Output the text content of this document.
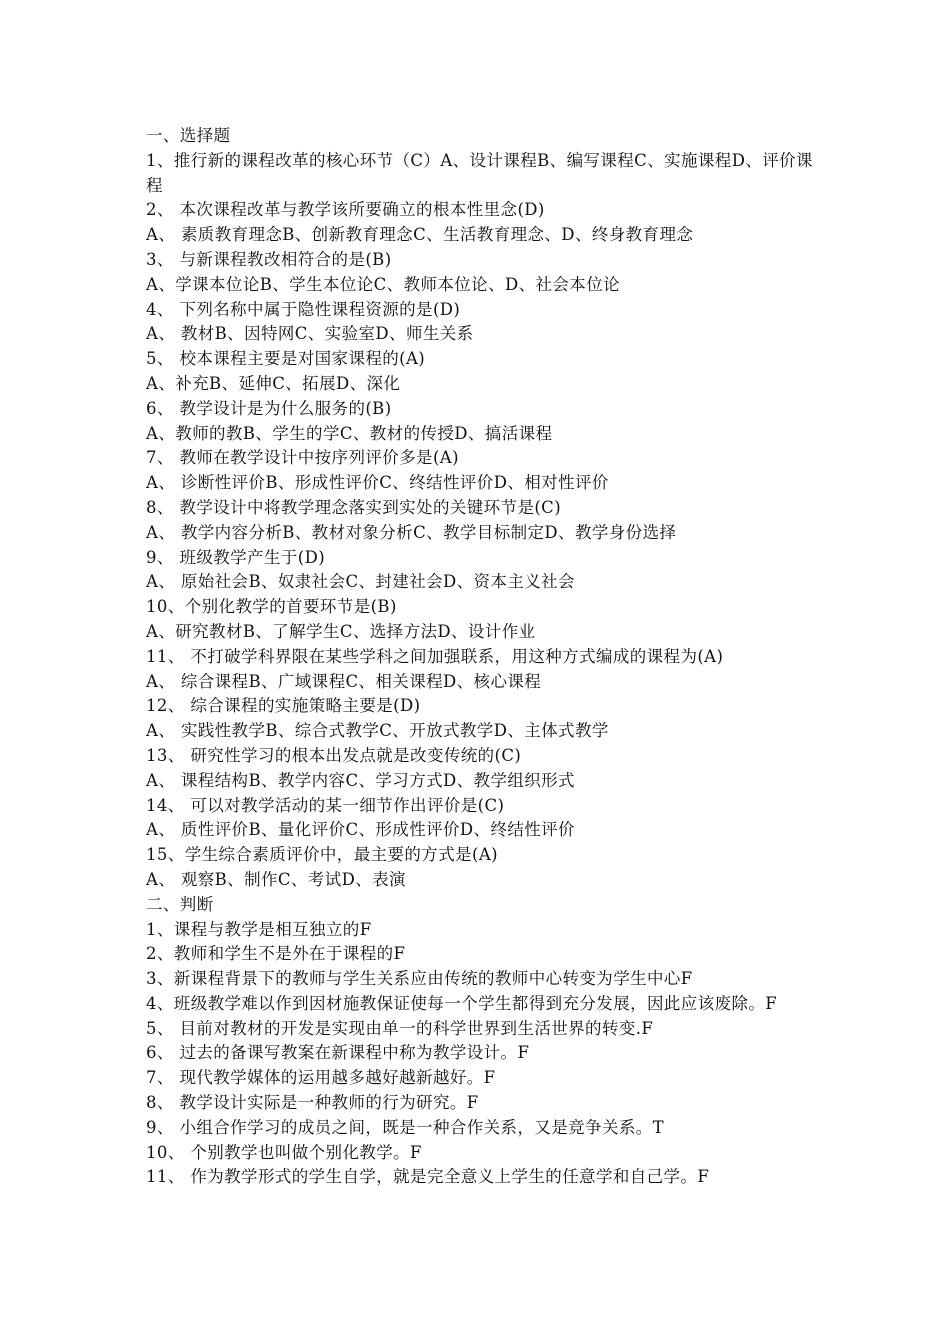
一、选择题
1、推行新的课程改革的核心环节（C）A、设计课程B、编写课程C、实施课程D、评价课程
2、 本次课程改革与教学该所要确立的根本性里念(D)
A、 素质教育理念B、创新教育理念C、生活教育理念、D、终身教育理念
3、 与新课程教改相符合的是(B)
A、学课本位论B、学生本位论C、教师本位论、D、社会本位论
4、 下列名称中属于隐性课程资源的是(D)
A、 教材B、因特网C、实验室D、师生关系
5、 校本课程主要是对国家课程的(A)
A、补充B、延伸C、拓展D、深化
6、 教学设计是为什么服务的(B)
A、教师的教B、学生的学C、教材的传授D、搞活课程
7、 教师在教学设计中按序列评价多是(A)
A、 诊断性评价B、形成性评价C、终结性评价D、相对性评价
8、 教学设计中将教学理念落实到实处的关键环节是(C)
A、 教学内容分析B、教材对象分析C、教学目标制定D、教学身份选择
9、 班级教学产生于(D)
A、 原始社会B、奴隶社会C、封建社会D、资本主义社会
10、个别化教学的首要环节是(B)
A、研究教材B、了解学生C、选择方法D、设计作业
11、 不打破学科界限在某些学科之间加强联系，用这种方式编成的课程为(A)
A、 综合课程B、广域课程C、相关课程D、核心课程
12、 综合课程的实施策略主要是(D)
A、 实践性教学B、综合式教学C、开放式教学D、主体式教学
13、 研究性学习的根本出发点就是改变传统的(C)
A、 课程结构B、教学内容C、学习方式D、教学组织形式
14、 可以对教学活动的某一细节作出评价是(C)
A、 质性评价B、量化评价C、形成性评价D、终结性评价
15、学生综合素质评价中，最主要的方式是(A)
A、 观察B、制作C、考试D、表演
二、判断
1、课程与教学是相互独立的F
2、教师和学生不是外在于课程的F
3、新课程背景下的教师与学生关系应由传统的教师中心转变为学生中心F
4、班级教学难以作到因材施教保证使每一个学生都得到充分发展，因此应该废除。F
5、 目前对教材的开发是实现由单一的科学世界到生活世界的转变.F
6、 过去的备课写教案在新课程中称为教学设计。F
7、 现代教学媒体的运用越多越好越新越好。F
8、 教学设计实际是一种教师的行为研究。F
9、 小组合作学习的成员之间，既是一种合作关系，又是竞争关系。T
10、 个别教学也叫做个别化教学。F
11、 作为教学形式的学生自学，就是完全意义上学生的任意学和自己学。F
